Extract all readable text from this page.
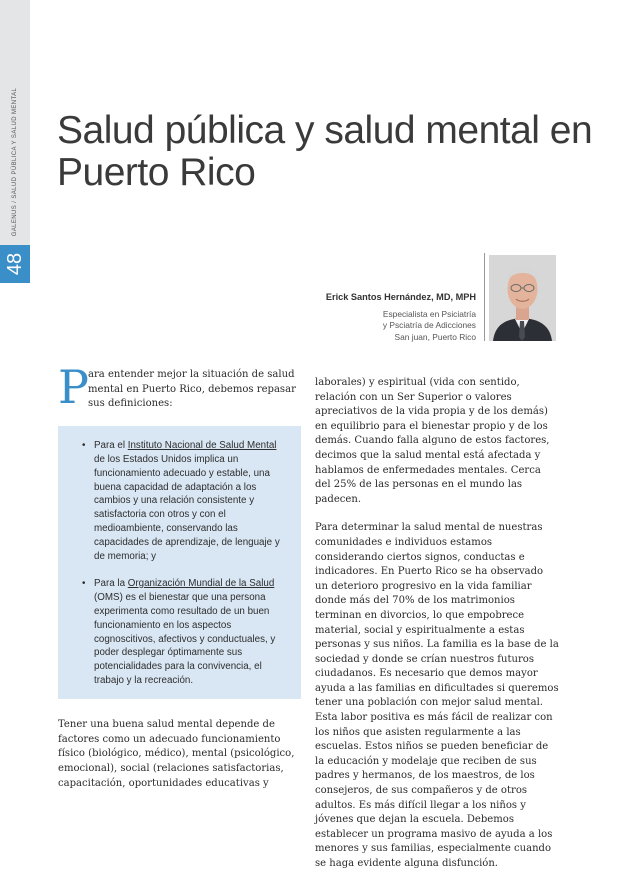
GALENUS / SALUD PÚBLICA Y SALUD MENTAL
48
Salud pública y salud mental en Puerto Rico
Erick Santos Hernández, MD, MPH
Especialista en Psiciatría
y Psciatría de Adicciones
San juan, Puerto Rico

P ara entender mejor la situación de salud mental en Puerto Rico, debemos repasar sus definiciones:

• Para el Instituto Nacional de Salud Mental de los Estados Unidos implica un funcionamiento adecuado y estable, una buena capacidad de adaptación a los cambios y una relación consistente y satisfactoria con otros y con el medioambiente, conservando las capacidades de aprendizaje, de lenguaje y de memoria; y
• Para la Organización Mundial de la Salud (OMS) es el bienestar que una persona experimenta como resultado de un buen funcionamiento en los aspectos cognoscitivos, afectivos y conductuales, y poder desplegar óptimamente sus potencialidades para la convivencia, el trabajo y la recreación.

Tener una buena salud mental depende de factores como un adecuado funcionamiento físico (biológico, médico), mental (psicológico, emocional), social (relaciones satisfactorias, capacitación, oportunidades educativas y

laborales) y espiritual (vida con sentido, relación con un Ser Superior o valores apreciativos de la vida propia y de los demás) en equilibrio para el bienestar propio y de los demás. Cuando falla alguno de estos factores, decimos que la salud mental está afectada y hablamos de enfermedades mentales. Cerca del 25% de las personas en el mundo las padecen.

Para determinar la salud mental de nuestras comunidades e individuos estamos considerando ciertos signos, conductas e indicadores. En Puerto Rico se ha observado un deterioro progresivo en la vida familiar donde más del 70% de los matrimonios terminan en divorcios, lo que empobrece material, social y espiritualmente a estas personas y sus niños. La familia es la base de la sociedad y donde se crían nuestros futuros ciudadanos. Es necesario que demos mayor ayuda a las familias en dificultades si queremos tener una población con mejor salud mental. Esta labor positiva es más fácil de realizar con los niños que asisten regularmente a las escuelas. Estos niños se pueden beneficiar de la educación y modelaje que reciben de sus padres y hermanos, de los maestros, de los consejeros, de sus compañeros y de otros adultos. Es más difícil llegar a los niños y jóvenes que dejan la escuela. Debemos establecer un programa masivo de ayuda a los menores y sus familias, especialmente cuando se haga evidente alguna disfunción.
